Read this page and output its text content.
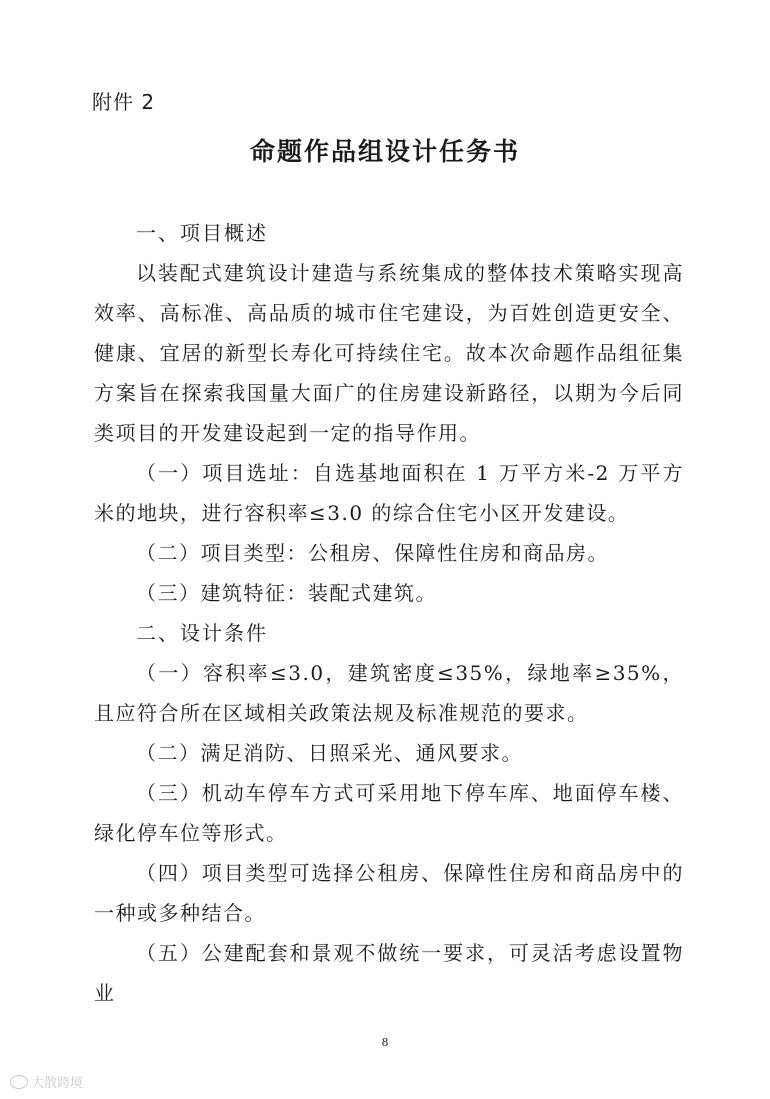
附件 2
命题作品组设计任务书

一、项目概述

以装配式建筑设计建造与系统集成的整体技术策略实现高效率、高标准、高品质的城市住宅建设，为百姓创造更安全、健康、宜居的新型长寿化可持续住宅。故本次命题作品组征集方案旨在探索我国量大面广的住房建设新路径，以期为今后同类项目的开发建设起到一定的指导作用。

（一）项目选址：自选基地面积在 1 万平方米-2 万平方米的地块，进行容积率≤3.0 的综合住宅小区开发建设。

（二）项目类型：公租房、保障性住房和商品房。

（三）建筑特征：装配式建筑。

二、设计条件

（一）容积率≤3.0，建筑密度≤35%，绿地率≥35%，且应符合所在区域相关政策法规及标准规范的要求。

（二）满足消防、日照采光、通风要求。

（三）机动车停车方式可采用地下停车库、地面停车楼、绿化停车位等形式。

（四）项目类型可选择公租房、保障性住房和商品房中的一种或多种结合。

（五）公建配套和景观不做统一要求，可灵活考虑设置物业

8
大散跨境
